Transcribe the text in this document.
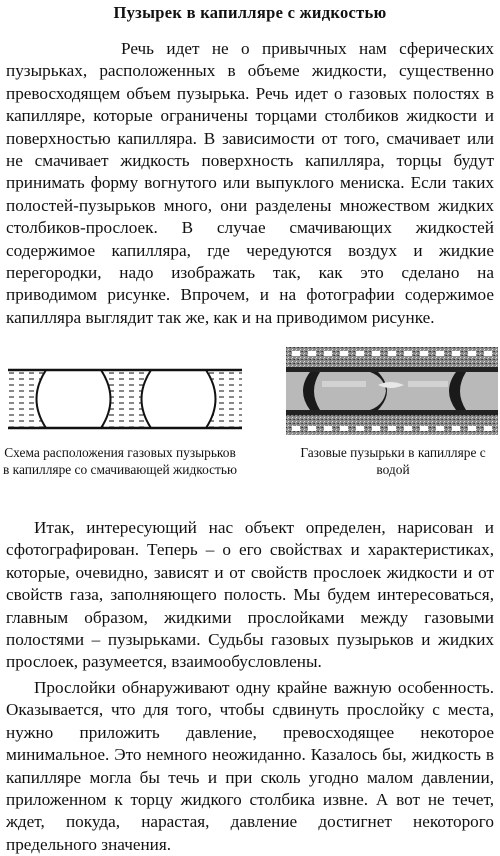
Пузырек в капилляре с жидкостью

Речь идет не о привычных нам сферических пузырьках, расположенных в объеме жидкости, существенно превосходящем объем пузырька. Речь идет о газовых полостях в капилляре, которые ограничены торцами столбиков жидкости и поверхностью капилляра. В зависимости от того, смачивает или не смачивает жидкость поверхность капилляра, торцы будут принимать форму вогнутого или выпуклого мениска. Если таких полостей-пузырьков много, они разделены множеством жидких столбиков-прослоек. В случае смачивающих жидкостей содержимое капилляра, где чередуются воздух и жидкие перегородки, надо изображать так, как это сделано на приводимом рисунке. Впрочем, и на фотографии содержимое капилляра выглядит так же, как и на приводимом рисунке.

Схема расположения газовых пузырьков в капилляре со смачивающей жидкостью
Газовые пузырьки в капилляре с водой

Итак, интересующий нас объект определен, нарисован и сфотографирован. Теперь – о его свойствах и характеристиках, которые, очевидно, зависят и от свойств прослоек жидкости и от свойств газа, заполняющего полость. Мы будем интересоваться, главным образом, жидкими прослойками между газовыми полостями – пузырьками. Судьбы газовых пузырьков и жидких прослоек, разумеется, взаимообусловлены.

Прослойки обнаруживают одну крайне важную особенность. Оказывается, что для того, чтобы сдвинуть прослойку с места, нужно приложить давление, превосходящее некоторое минимальное. Это немного неожиданно. Казалось бы, жидкость в капилляре могла бы течь и при сколь угодно малом давлении, приложенном к торцу жидкого столбика извне. А вот не течет, ждет, покуда, нарастая, давление достигнет некоторого предельного значения.
